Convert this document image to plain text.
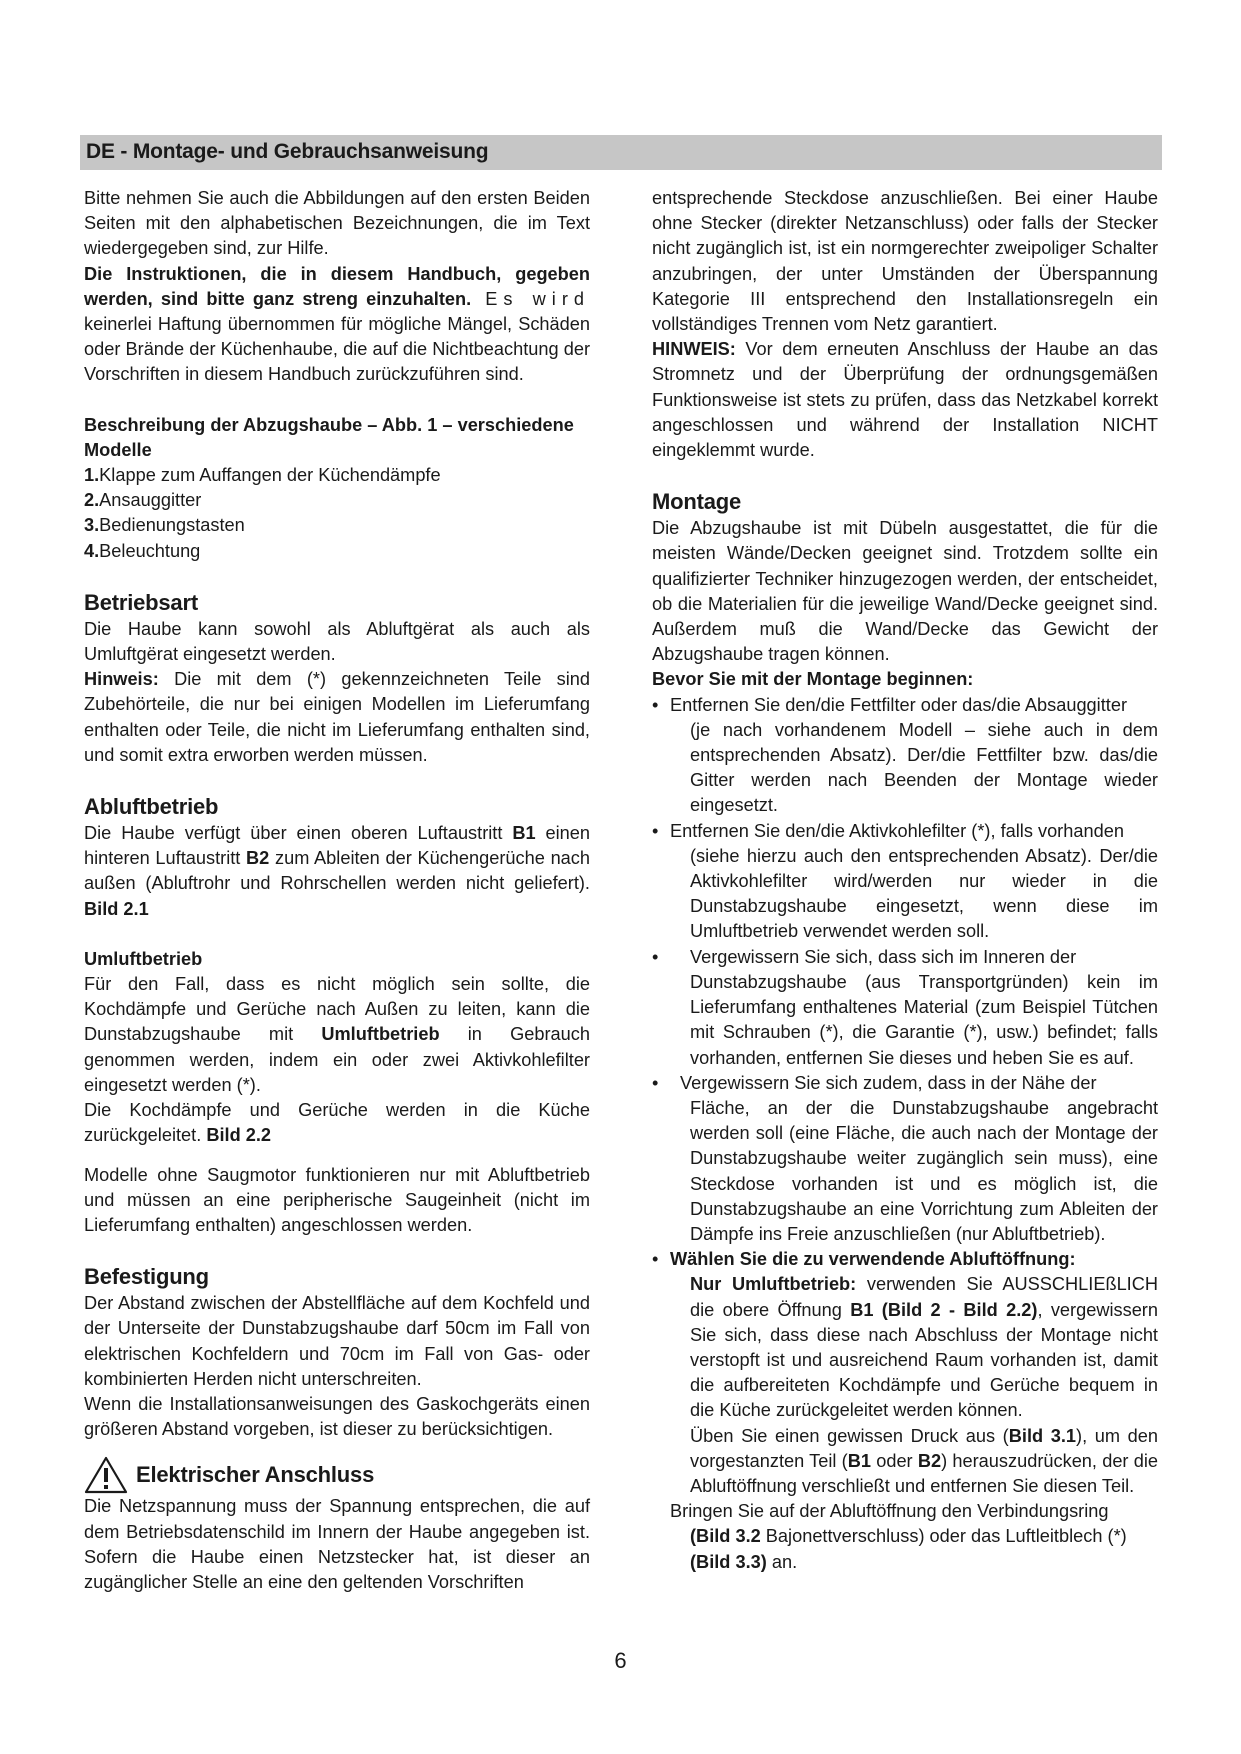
DE - Montage- und Gebrauchsanweisung

Bitte nehmen Sie auch die Abbildungen auf den ersten Beiden Seiten mit den alphabetischen Bezeichnungen, die im Text wiedergegeben sind, zur Hilfe.

Die Instruktionen, die in diesem Handbuch, gegeben werden, sind bitte ganz streng einzuhalten. Es wird keinerlei Haftung übernommen für mögliche Mängel, Schäden oder Brände der Küchenhaube, die auf die Nichtbeachtung der Vorschriften in diesem Handbuch zurückzuführen sind.

Beschreibung der Abzugshaube – Abb. 1 – verschiedene Modelle

1.Klappe zum Auffangen der Küchendämpfe

2.Ansauggitter

3.Bedienungstasten

4.Beleuchtung

Betriebsart

Die Haube kann sowohl als Abluftgërat als auch als Umluftgërat eingesetzt werden.

Hinweis: Die mit dem (*) gekennzeichneten Teile sind Zubehörteile, die nur bei einigen Modellen im Lieferumfang enthalten oder Teile, die nicht im Lieferumfang enthalten sind, und somit extra erworben werden müssen.

Abluftbetrieb

Die Haube verfügt über einen oberen Luftaustritt B1 einen hinteren Luftaustritt B2 zum Ableiten der Küchengerüche nach außen (Abluftrohr und Rohrschellen werden nicht geliefert). Bild 2.1

Umluftbetrieb

Für den Fall, dass es nicht möglich sein sollte, die Kochdämpfe und Gerüche nach Außen zu leiten, kann die Dunstabzugshaube mit Umluftbetrieb in Gebrauch genommen werden, indem ein oder zwei Aktivkohlefilter eingesetzt werden (*).

Die Kochdämpfe und Gerüche werden in die Küche zurückgeleitet. Bild 2.2

Modelle ohne Saugmotor funktionieren nur mit Abluftbetrieb und müssen an eine peripherische Saugeinheit (nicht im Lieferumfang enthalten) angeschlossen werden.

Befestigung

Der Abstand zwischen der Abstellfläche auf dem Kochfeld und der Unterseite der Dunstabzugshaube darf 50cm im Fall von elektrischen Kochfeldern und 70cm im Fall von Gas- oder kombinierten Herden nicht unterschreiten.

Wenn die Installationsanweisungen des Gaskochgeräts einen größeren Abstand vorgeben, ist dieser zu berücksichtigen.

Elektrischer Anschluss

Die Netzspannung muss der Spannung entsprechen, die auf dem Betriebsdatenschild im Innern der Haube angegeben ist. Sofern die Haube einen Netzstecker hat, ist dieser an zugänglicher Stelle an eine den geltenden Vorschriften

entsprechende Steckdose anzuschließen. Bei einer Haube ohne Stecker (direkter Netzanschluss) oder falls der Stecker nicht zugänglich ist, ist ein normgerechter zweipoliger Schalter anzubringen, der unter Umständen der Überspannung Kategorie III entsprechend den Installationsregeln ein vollständiges Trennen vom Netz garantiert.

HINWEIS: Vor dem erneuten Anschluss der Haube an das Stromnetz und der Überprüfung der ordnungsgemäßen Funktionsweise ist stets zu prüfen, dass das Netzkabel korrekt angeschlossen und während der Installation NICHT eingeklemmt wurde.

Montage

Die Abzugshaube ist mit Dübeln ausgestattet, die für die meisten Wände/Decken geeignet sind. Trotzdem sollte ein qualifizierter Techniker hinzugezogen werden, der entscheidet, ob die Materialien für die jeweilige Wand/Decke geeignet sind. Außerdem muß die Wand/Decke das Gewicht der Abzugshaube tragen können.

Bevor Sie mit der Montage beginnen:

• Entfernen Sie den/die Fettfilter oder das/die Absauggitter
(je nach vorhandenem Modell – siehe auch in dem entsprechenden Absatz). Der/die Fettfilter bzw. das/die Gitter werden nach Beenden der Montage wieder eingesetzt.
• Entfernen Sie den/die Aktivkohlefilter (*), falls vorhanden
(siehe hierzu auch den entsprechenden Absatz). Der/die Aktivkohlefilter wird/werden nur wieder in die Dunstabzugshaube eingesetzt, wenn diese im Umluftbetrieb verwendet werden soll.
•	Vergewissern Sie sich, dass sich im Inneren der
Dunstabzugshaube (aus Transportgründen) kein im Lieferumfang enthaltenes Material (zum Beispiel Tütchen mit Schrauben (*), die Garantie (*), usw.) befindet; falls vorhanden, entfernen Sie dieses und heben Sie es auf.
•	Vergewissern Sie sich zudem, dass in der Nähe der
Fläche, an der die Dunstabzugshaube angebracht werden soll (eine Fläche, die auch nach der Montage der Dunstabzugshaube weiter zugänglich sein muss), eine Steckdose vorhanden ist und es möglich ist, die Dunstabzugshaube an eine Vorrichtung zum Ableiten der Dämpfe ins Freie anzuschließen (nur Abluftbetrieb).
• Wählen Sie die zu verwendende Abluftöffnung:

Nur Umluftbetrieb: verwenden Sie AUSSCHLIEßLICH die obere Öffnung B1 (Bild 2 - Bild 2.2), vergewissern Sie sich, dass diese nach Abschluss der Montage nicht verstopft ist und ausreichend Raum vorhanden ist, damit die aufbereiteten Kochdämpfe und Gerüche bequem in die Küche zurückgeleitet werden können.

Üben Sie einen gewissen Druck aus (Bild 3.1), um den vorgestanzten Teil (B1 oder B2) herauszudrücken, der die Abluftöffnung verschließt und entfernen Sie diesen Teil.

Bringen Sie auf der Abluftöffnung den Verbindungsring
(Bild 3.2 Bajonettverschluss) oder das Luftleitblech (*)
(Bild 3.3) an.

6
